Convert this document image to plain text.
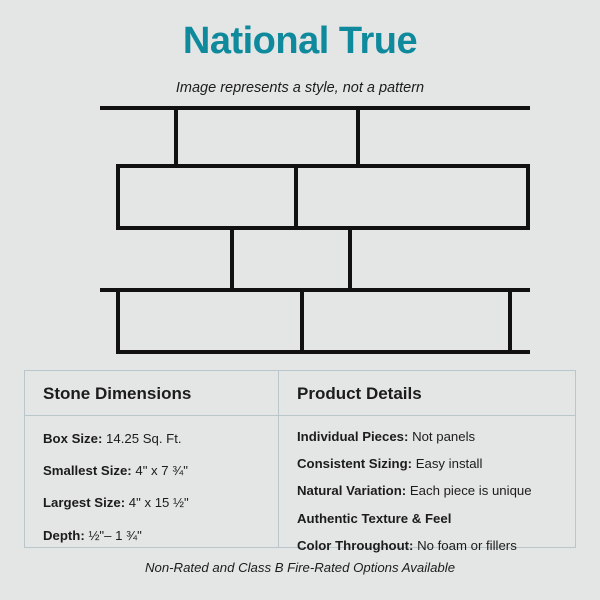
National True
Image represents a style, not a pattern
Stone Dimensions
Box Size: 14.25 Sq. Ft.
Smallest Size: 4" x 7 ¾"
Largest Size: 4" x 15 ½"
Depth: ½"– 1 ¾"
Product Details
Individual Pieces: Not panels
Consistent Sizing: Easy install
Natural Variation: Each piece is unique
Authentic Texture & Feel
Color Throughout: No foam or fillers
Non-Rated and Class B Fire-Rated Options Available
